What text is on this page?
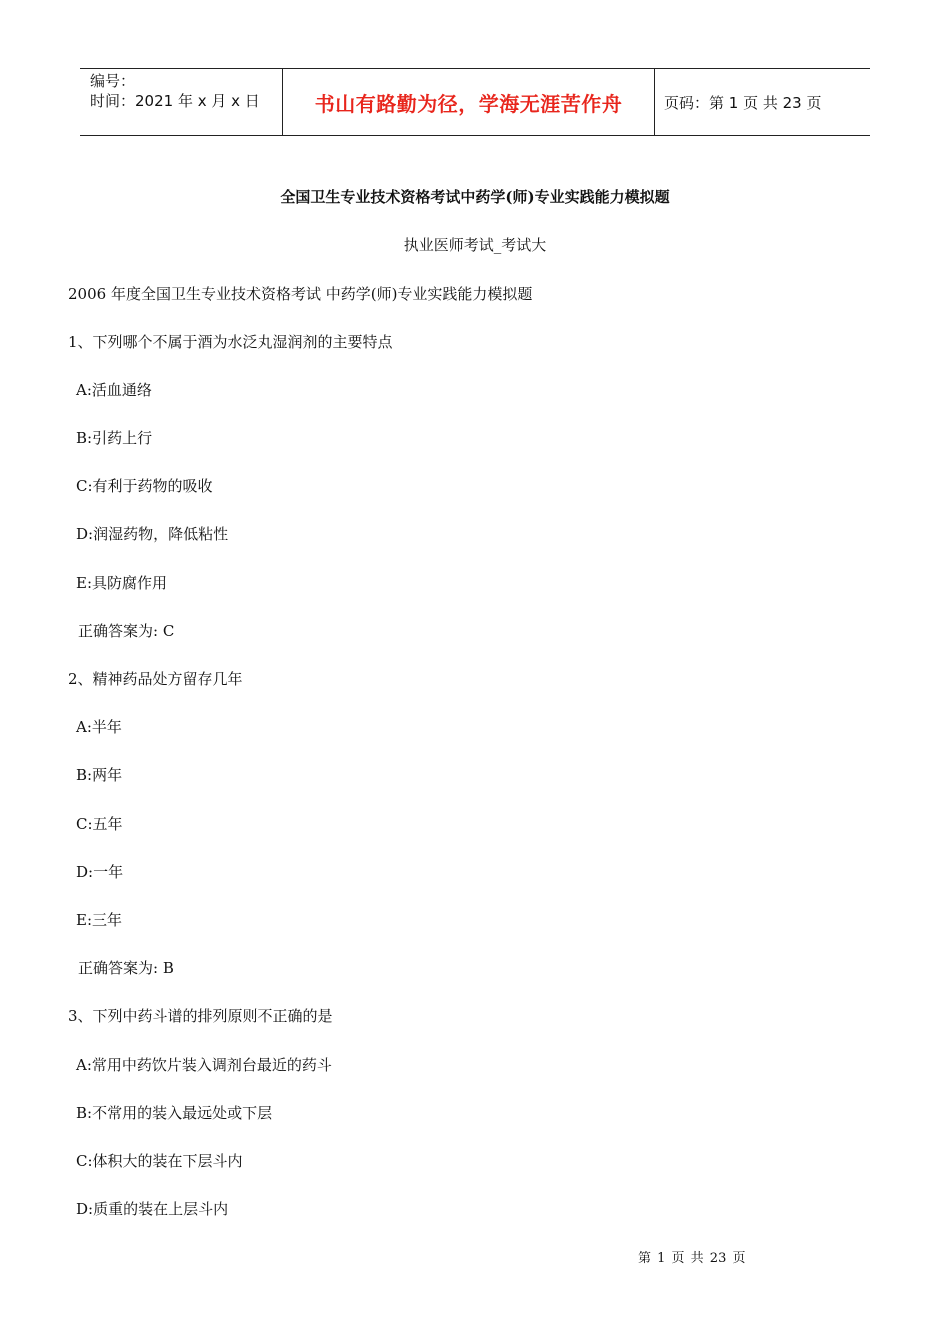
编号：
时间：2021 年 x 月 x 日	书山有路勤为径，学海无涯苦作舟	页码：第 1 页 共 23 页
全国卫生专业技术资格考试中药学(师)专业实践能力模拟题
执业医师考试_考试大
2006 年度全国卫生专业技术资格考试 中药学(师)专业实践能力模拟题
1、下列哪个不属于酒为水泛丸湿润剂的主要特点
A:活血通络
B:引药上行
C:有利于药物的吸收
D:润湿药物，降低粘性
E:具防腐作用
正确答案为: C
2、精神药品处方留存几年
A:半年
B:两年
C:五年
D:一年
E:三年
正确答案为: B
3、下列中药斗谱的排列原则不正确的是
A:常用中药饮片装入调剂台最近的药斗
B:不常用的装入最远处或下层
C:体积大的装在下层斗内
D:质重的装在上层斗内
第 1 页 共 23 页
